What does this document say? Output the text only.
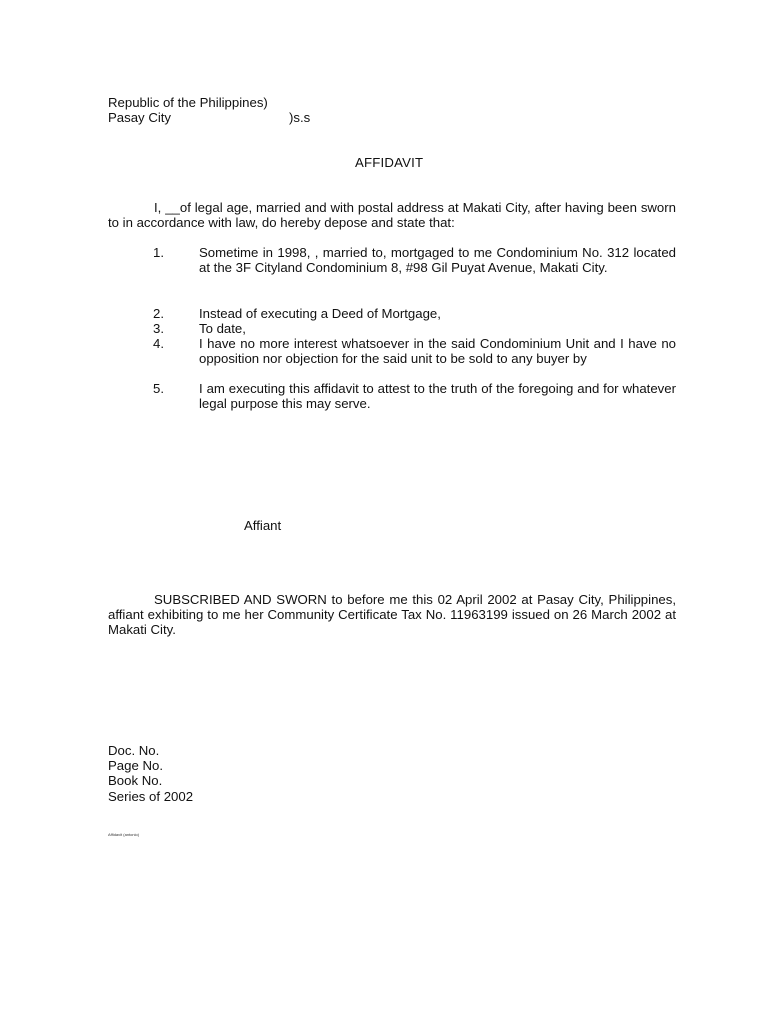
Republic of the Philippines)
Pasay City	)s.s
AFFIDAVIT
I, __of legal age, married and with postal address at Makati City, after having been sworn to in accordance with law, do hereby depose and state that:
1.	Sometime in 1998, , married to, mortgaged to me Condominium No. 312 located at the 3F Cityland Condominium 8, #98 Gil Puyat Avenue, Makati City.
2.	Instead of executing a Deed of Mortgage,
3.	To date,
4.	I have no more interest whatsoever in the said Condominium Unit and I have no opposition nor objection for the said unit to be sold to any buyer by
5.	I am executing this affidavit to attest to the truth of the foregoing and for whatever legal purpose this may serve.
Affiant
SUBSCRIBED AND SWORN to before me this 02 April 2002 at Pasay City, Philippines, affiant exhibiting to me her Community Certificate Tax No. 11963199 issued on 26 March 2002 at Makati City.
Doc. No.
Page No.
Book No.
Series of 2002
Affidavit (antonio)
